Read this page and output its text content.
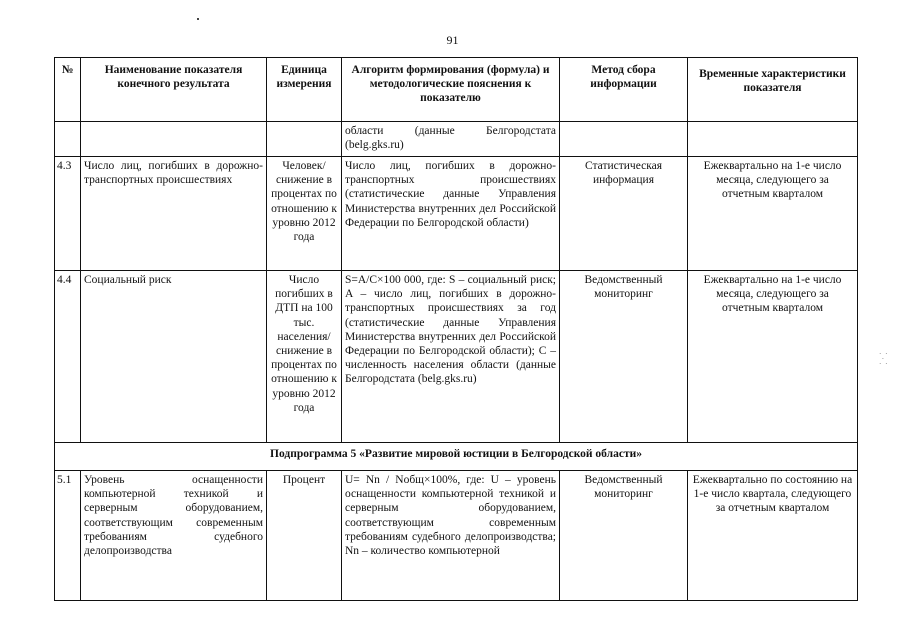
91
· ·
·
· ·
№	Наименование показателя конечного результата	Единица измерения	Алгоритм формирования (формула) и методологические пояснения к показателю	Метод сбора информации	Временные характеристики показателя
			области (данные Белгородстата (belg.gks.ru)		
4.3	Число лиц, погибших в дорожно-транспортных происшествиях	Человек/ снижение в процентах по отношению к уровню 2012 года	Число лиц, погибших в дорожно-транспортных происшествиях (статистические данные Управления Министерства внутренних дел Российской Федерации по Белгородской области)	Статистическая информация	Ежеквартально на 1-е число месяца, следующего за отчетным кварталом
4.4	Социальный риск	Число погибших в ДТП на 100 тыс. населения/ снижение в процентах по отношению к уровню 2012 года	S=A/C×100 000, где: S – социальный риск; A – число лиц, погибших в дорожно-транспортных происшествиях за год (статистические данные Управления Министерства внутренних дел Российской Федерации по Белгородской области); C – численность населения области (данные Белгородстата (belg.gks.ru)	Ведомственный мониторинг	Ежеквартально на 1-е число месяца, следующего за отчетным кварталом
Подпрограмма 5 «Развитие мировой юстиции в Белгородской области»					
5.1	Уровень оснащенности компьютерной техникой и серверным оборудованием, соответствующим современным требованиям судебного делопроизводства	Процент	U= Nn / Nобщ×100%, где: U – уровень оснащенности компьютерной техникой и серверным оборудованием, соответствующим современным требованиям судебного делопроизводства; Nn – количество компьютерной	Ведомственный мониторинг	Ежеквартально по состоянию на 1-е число квартала, следующего за отчетным кварталом
